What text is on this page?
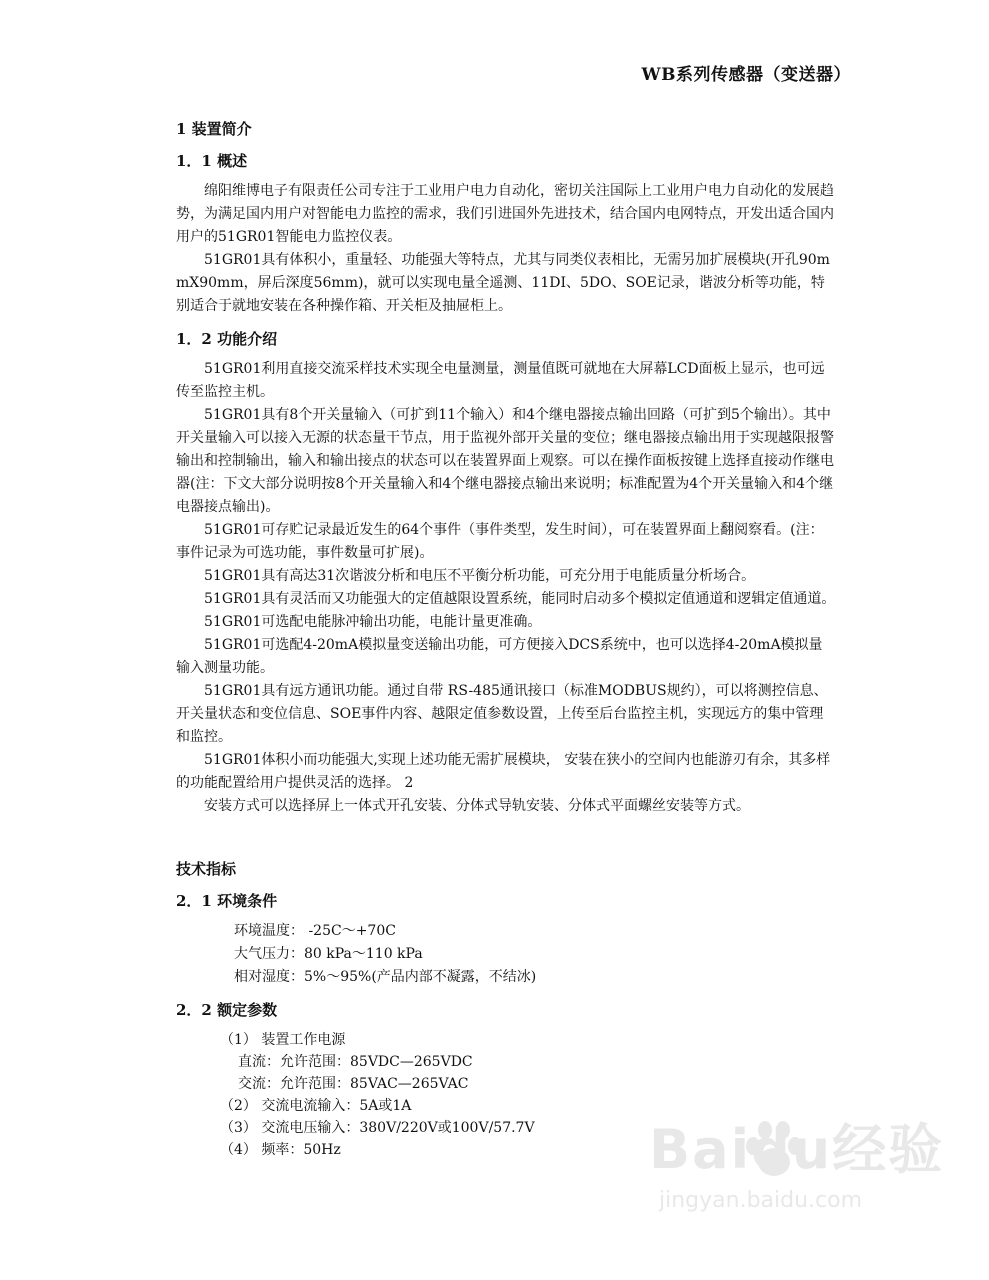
WB系列传感器（变送器）
1 装置简介
1．1 概述

绵阳维博电子有限责任公司专注于工业用户电力自动化，密切关注国际上工业用户电力自动化的发展趋势，为满足国内用户对智能电力监控的需求，我们引进国外先进技术，结合国内电网特点，开发出适合国内用户的51GR01智能电力监控仪表。

51GR01具有体积小，重量轻、功能强大等特点，尤其与同类仪表相比，无需另加扩展模块(开孔90mmX90mm，屏后深度56mm)，就可以实现电量全遥测、11DI、5DO、SOE记录，谐波分析等功能，特别适合于就地安装在各种操作箱、开关柜及抽屉柜上。

1．2 功能介绍

51GR01利用直接交流采样技术实现全电量测量，测量值既可就地在大屏幕LCD面板上显示，也可远传至监控主机。

51GR01具有8个开关量输入（可扩到11个输入）和4个继电器接点输出回路（可扩到5个输出）。其中开关量输入可以接入无源的状态量干节点，用于监视外部开关量的变位；继电器接点输出用于实现越限报警输出和控制输出，输入和输出接点的状态可以在装置界面上观察。可以在操作面板按键上选择直接动作继电器(注：下文大部分说明按8个开关量输入和4个继电器接点输出来说明；标准配置为4个开关量输入和4个继电器接点输出)。

51GR01可存贮记录最近发生的64个事件（事件类型，发生时间），可在装置界面上翻阅察看。(注：事件记录为可选功能，事件数量可扩展)。

51GR01具有高达31次谐波分析和电压不平衡分析功能，可充分用于电能质量分析场合。

51GR01具有灵活而又功能强大的定值越限设置系统，能同时启动多个模拟定值通道和逻辑定值通道。

51GR01可选配电能脉冲输出功能，电能计量更准确。

51GR01可选配4-20mA模拟量变送输出功能，可方便接入DCS系统中，也可以选择4-20mA模拟量输入测量功能。

51GR01具有远方通讯功能。通过自带 RS-485通讯接口（标准MODBUS规约），可以将测控信息、开关量状态和变位信息、SOE事件内容、越限定值参数设置，上传至后台监控主机，实现远方的集中管理和监控。

51GR01体积小而功能强大,实现上述功能无需扩展模块， 安装在狭小的空间内也能游刃有余，其多样的功能配置给用户提供灵活的选择。 2

安装方式可以选择屏上一体式开孔安装、分体式导轨安装、分体式平面螺丝安装等方式。

技术指标
2．1 环境条件
环境温度： -25C～+70C
大气压力：80 kPa～110 kPa
相对湿度：5%～95%(产品内部不凝露，不结冰)
2．2 额定参数
（1） 装置工作电源
直流：允许范围：85VDC—265VDC
交流：允许范围：85VAC—265VAC
（2） 交流电流输入：5A或1A
（3） 交流电压输入：380V/220V或100V/57.7V
（4） 频率：50Hz	Baidu经验
jingyan.baidu.com
